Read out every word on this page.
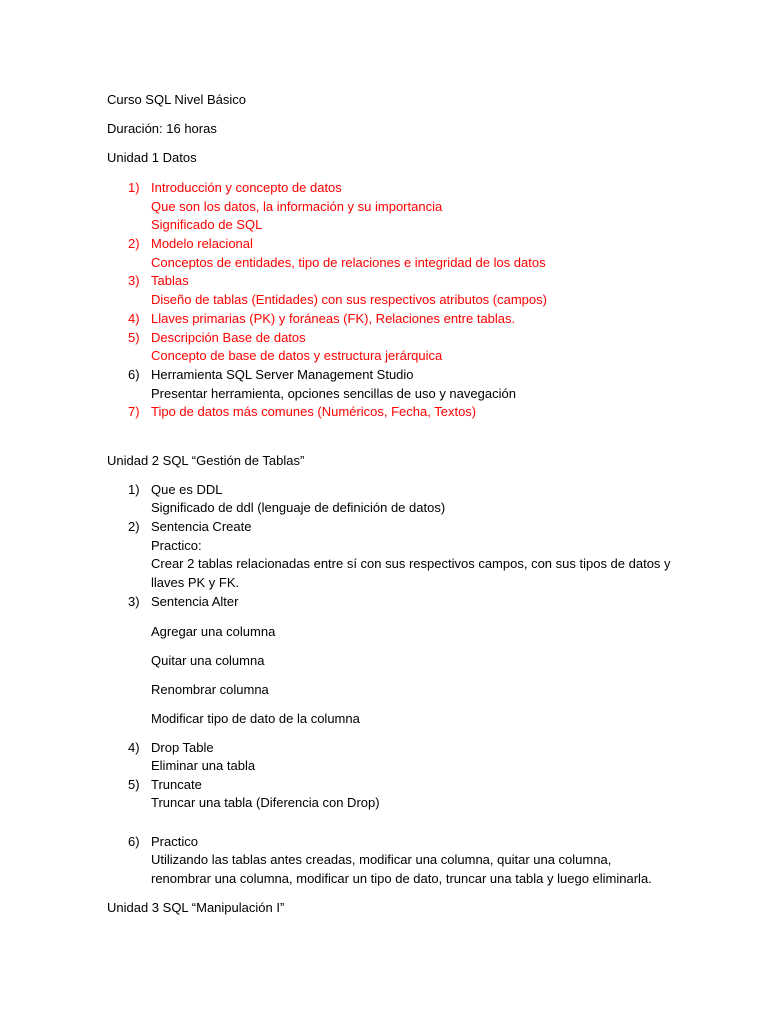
Curso SQL Nivel Básico
Duración: 16 horas
Unidad 1 Datos
1) Introducción y concepto de datos
Que son los datos, la información y su importancia
Significado de SQL
2) Modelo relacional
Conceptos de entidades, tipo de relaciones e integridad de los datos
3) Tablas
Diseño de tablas (Entidades) con sus respectivos atributos (campos)
4) Llaves primarias (PK) y foráneas (FK), Relaciones entre tablas.
5) Descripción Base de datos
Concepto de base de datos y estructura jerárquica
6) Herramienta SQL Server Management Studio
Presentar herramienta, opciones sencillas de uso y navegación
7) Tipo de datos más comunes (Numéricos, Fecha, Textos)
Unidad 2 SQL “Gestión de Tablas”
1) Que es DDL
Significado de ddl (lenguaje de definición de datos)
2) Sentencia Create
Practico:
Crear 2 tablas relacionadas entre sí con sus respectivos campos, con sus tipos de datos y
llaves PK y FK.
3) Sentencia Alter
Agregar una columna
Quitar una columna
Renombrar columna
Modificar tipo de dato de la columna
4) Drop Table
Eliminar una tabla
5) Truncate
Truncar una tabla (Diferencia con Drop)
6) Practico
Utilizando las tablas antes creadas, modificar una columna, quitar una columna,
renombrar una columna, modificar un tipo de dato, truncar una tabla y luego eliminarla.
Unidad 3 SQL “Manipulación I”
